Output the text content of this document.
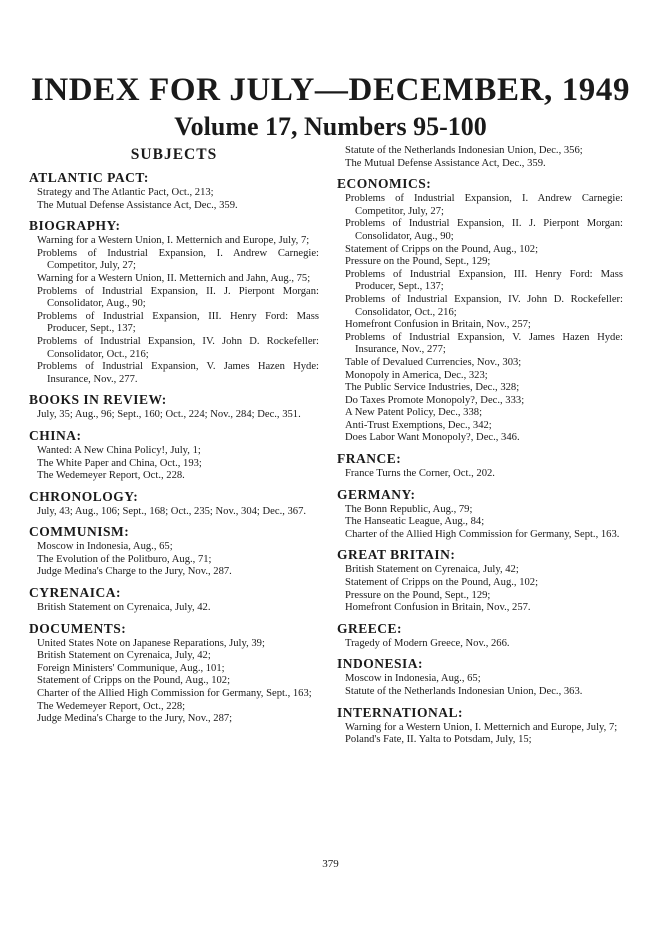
INDEX FOR JULY—DECEMBER, 1949
Volume 17, Numbers 95-100
SUBJECTS
ATLANTIC PACT:
Strategy and The Atlantic Pact, Oct., 213;
The Mutual Defense Assistance Act, Dec., 359.
BIOGRAPHY:
Warning for a Western Union, I. Metternich and Europe, July, 7;
Problems of Industrial Expansion, I. Andrew Carnegie: Competitor, July, 27;
Warning for a Western Union, II. Metternich and Jahn, Aug., 75;
Problems of Industrial Expansion, II. J. Pierpont Morgan: Consolidator, Aug., 90;
Problems of Industrial Expansion, III. Henry Ford: Mass Producer, Sept., 137;
Problems of Industrial Expansion, IV. John D. Rockefeller: Consolidator, Oct., 216;
Problems of Industrial Expansion, V. James Hazen Hyde: Insurance, Nov., 277.
BOOKS IN REVIEW:
July, 35; Aug., 96; Sept., 160; Oct., 224; Nov., 284; Dec., 351.
CHINA:
Wanted: A New China Policy!, July, 1;
The White Paper and China, Oct., 193;
The Wedemeyer Report, Oct., 228.
CHRONOLOGY:
July, 43; Aug., 106; Sept., 168; Oct., 235; Nov., 304; Dec., 367.
COMMUNISM:
Moscow in Indonesia, Aug., 65;
The Evolution of the Politburo, Aug., 71;
Judge Medina's Charge to the Jury, Nov., 287.
CYRENAICA:
British Statement on Cyrenaica, July, 42.
DOCUMENTS:
United States Note on Japanese Reparations, July, 39;
British Statement on Cyrenaica, July, 42;
Foreign Ministers' Communique, Aug., 101;
Statement of Cripps on the Pound, Aug., 102;
Charter of the Allied High Commission for Germany, Sept., 163;
The Wedemeyer Report, Oct., 228;
Judge Medina's Charge to the Jury, Nov., 287;
Statute of the Netherlands Indonesian Union, Dec., 356;
The Mutual Defense Assistance Act, Dec., 359.
ECONOMICS:
Problems of Industrial Expansion, I. Andrew Carnegie: Competitor, July, 27;
Problems of Industrial Expansion, II. J. Pierpont Morgan: Consolidator, Aug., 90;
Statement of Cripps on the Pound, Aug., 102;
Pressure on the Pound, Sept., 129;
Problems of Industrial Expansion, III. Henry Ford: Mass Producer, Sept., 137;
Problems of Industrial Expansion, IV. John D. Rockefeller: Consolidator, Oct., 216;
Homefront Confusion in Britain, Nov., 257;
Problems of Industrial Expansion, V. James Hazen Hyde: Insurance, Nov., 277;
Table of Devalued Currencies, Nov., 303;
Monopoly in America, Dec., 323;
The Public Service Industries, Dec., 328;
Do Taxes Promote Monopoly?, Dec., 333;
A New Patent Policy, Dec., 338;
Anti-Trust Exemptions, Dec., 342;
Does Labor Want Monopoly?, Dec., 346.
FRANCE:
France Turns the Corner, Oct., 202.
GERMANY:
The Bonn Republic, Aug., 79;
The Hanseatic League, Aug., 84;
Charter of the Allied High Commission for Germany, Sept., 163.
GREAT BRITAIN:
British Statement on Cyrenaica, July, 42;
Statement of Cripps on the Pound, Aug., 102;
Pressure on the Pound, Sept., 129;
Homefront Confusion in Britain, Nov., 257.
GREECE:
Tragedy of Modern Greece, Nov., 266.
INDONESIA:
Moscow in Indonesia, Aug., 65;
Statute of the Netherlands Indonesian Union, Dec., 363.
INTERNATIONAL:
Warning for a Western Union, I. Metternich and Europe, July, 7;
Poland's Fate, II. Yalta to Potsdam, July, 15;
379
